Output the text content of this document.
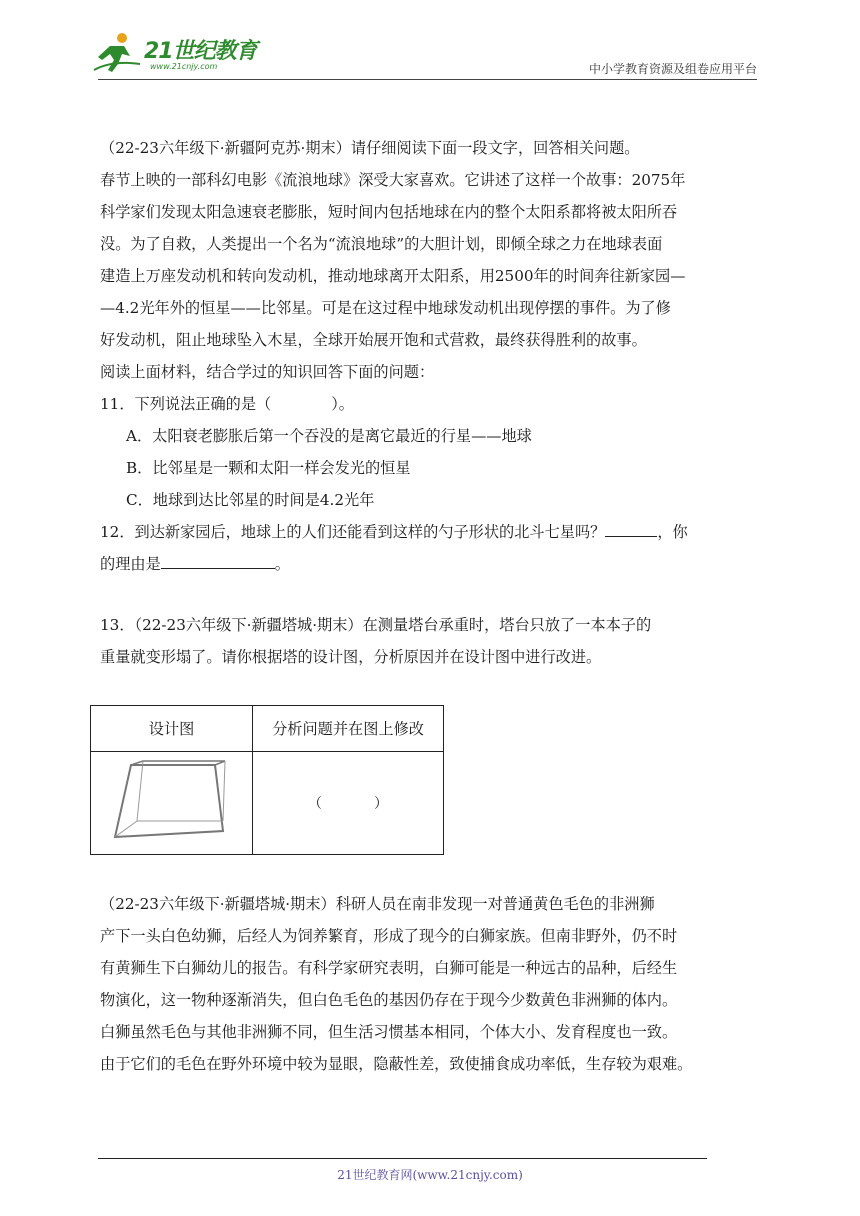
21世纪教育
www.21cnjy.com	中小学教育资源及组卷应用平台

（22-23六年级下·新疆阿克苏·期末）请仔细阅读下面一段文字，回答相关问题。

春节上映的一部科幻电影《流浪地球》深受大家喜欢。它讲述了这样一个故事：2075年

科学家们发现太阳急速衰老膨胀，短时间内包括地球在内的整个太阳系都将被太阳所吞

没。为了自救，人类提出一个名为“流浪地球”的大胆计划，即倾全球之力在地球表面

建造上万座发动机和转向发动机，推动地球离开太阳系，用2500年的时间奔往新家园—

—4.2光年外的恒星——比邻星。可是在这过程中地球发动机出现停摆的事件。为了修

好发动机，阻止地球坠入木星，全球开始展开饱和式营救，最终获得胜利的故事。

阅读上面材料，结合学过的知识回答下面的问题：

11．下列说法正确的是（	）。

A．太阳衰老膨胀后第一个吞没的是离它最近的行星——地球

B．比邻星是一颗和太阳一样会发光的恒星

C．地球到达比邻星的时间是4.2光年

12．到达新家园后，地球上的人们还能看到这样的勺子形状的北斗七星吗？	，你

的理由是	。

13．（22-23六年级下·新疆塔城·期末）在测量塔台承重时，塔台只放了一本本子的

重量就变形塌了。请你根据塔的设计图，分析原因并在设计图中进行改进。

设计图	分析问题并在图上修改

	（ ）

（22-23六年级下·新疆塔城·期末）科研人员在南非发现一对普通黄色毛色的非洲狮

产下一头白色幼狮，后经人为饲养繁育，形成了现今的白狮家族。但南非野外，仍不时

有黄狮生下白狮幼儿的报告。有科学家研究表明，白狮可能是一种远古的品种，后经生

物演化，这一物种逐渐消失，但白色毛色的基因仍存在于现今少数黄色非洲狮的体内。

白狮虽然毛色与其他非洲狮不同，但生活习惯基本相同，个体大小、发育程度也一致。

由于它们的毛色在野外环境中较为显眼，隐蔽性差，致使捕食成功率低，生存较为艰难。

21世纪教育网(www.21cnjy.com)
